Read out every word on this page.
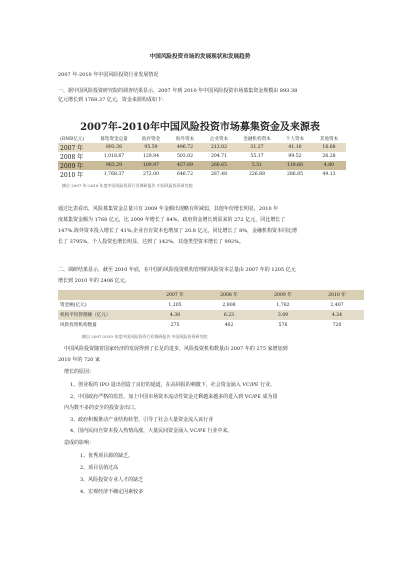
中国风险投资市场的发展现状和发展趋势
2007 年-2010 年中国风险投资行业发展情况
一、据中国风险投资研究院的调查结果显示，2007 年到 2010 年中国风险投资市场募集资金规模由 893.38
亿元增长到 1768.37 亿元，资金来源构成如下：
2007年-2010年中国风险投资市场募集资金及来源表
(RMB亿元)	募集资金总量	政府资金	海外资本	企业资本	金融机构资本	个人资本	其他资本
2007 年	893.38	95.59	496.72	212.02	31.27	41.10	16.68
2008 年	1,018.67	129.94	503.02	204.71	55.17	99.52	26.28
2009 年	963.29	109.97	457.69	266.65	5.51	118.66	4.80
2010 年	1,768.37	272.00	646.72	287.48	226.88	286.85	49.13
摘自 2007 年-2010 年度中国风险投资行业调研报告 中国风险投资研究院
通过比表看出，风险募集资金总量只有 2009 年金额出现略有所减弱，其他年份增长明显，2010 年
度募集资金额为 1768 亿元，比 2009 年增长了 84%，政府资金增长到原来的 272 亿元，同比增长了
147%.海外资本投入增长了 41%,企业自有资本也增加了 20.8 亿元，同比增长了 8%，金融机构资本同比增
长了 3795%，个人投资也增长明显，达到了 142%，其他类型资本增长了 992%。
二、调研结果显示，截至 2010 年底，在中国的风险投资机构管理的风险资本总量由 2007 年的 1205 亿元
增长到 2010 年的 2406 亿元。
	2007 年	2008 年	2009 年	2010 年
资金额(亿元)	1,205	2,808	1,782	2,407
机构平均管理额（亿元）	4.38	6.23	3.09	4.24
风险投资机构数量	275	402	576	720
摘自 2007-2010 年度中国风险投资行业调研报告 中国风险投资研究院
中国风险投资随着国家经济的发展得到了长足的进步，风险投资机构数量由 2007 年的 275 家增加到
2010 年的 720 家
增长的原因：
1、创业板的 IPO 退出创造了良好的通道，在高回报的刺激下，社会资金涌入 VC/PE 行业。
2、中国政府严格的监管。加上中国市场资本流动性资金过剩越来越多的进入到 VC/PE 成为国
内为数不多的安全的投资金出口。
3、政府积极推动产业结构转型，引导了社会大量资金流入该行业
4、国内民间自资本投入热情高涨，大量民间资金涌入 VC/PE 行业中来。
造成的影响：
1、优秀项目源的缺乏。
2、项目估值过高
3、风险投资专业人才的缺乏
4、宏观经济不确定因素较多
